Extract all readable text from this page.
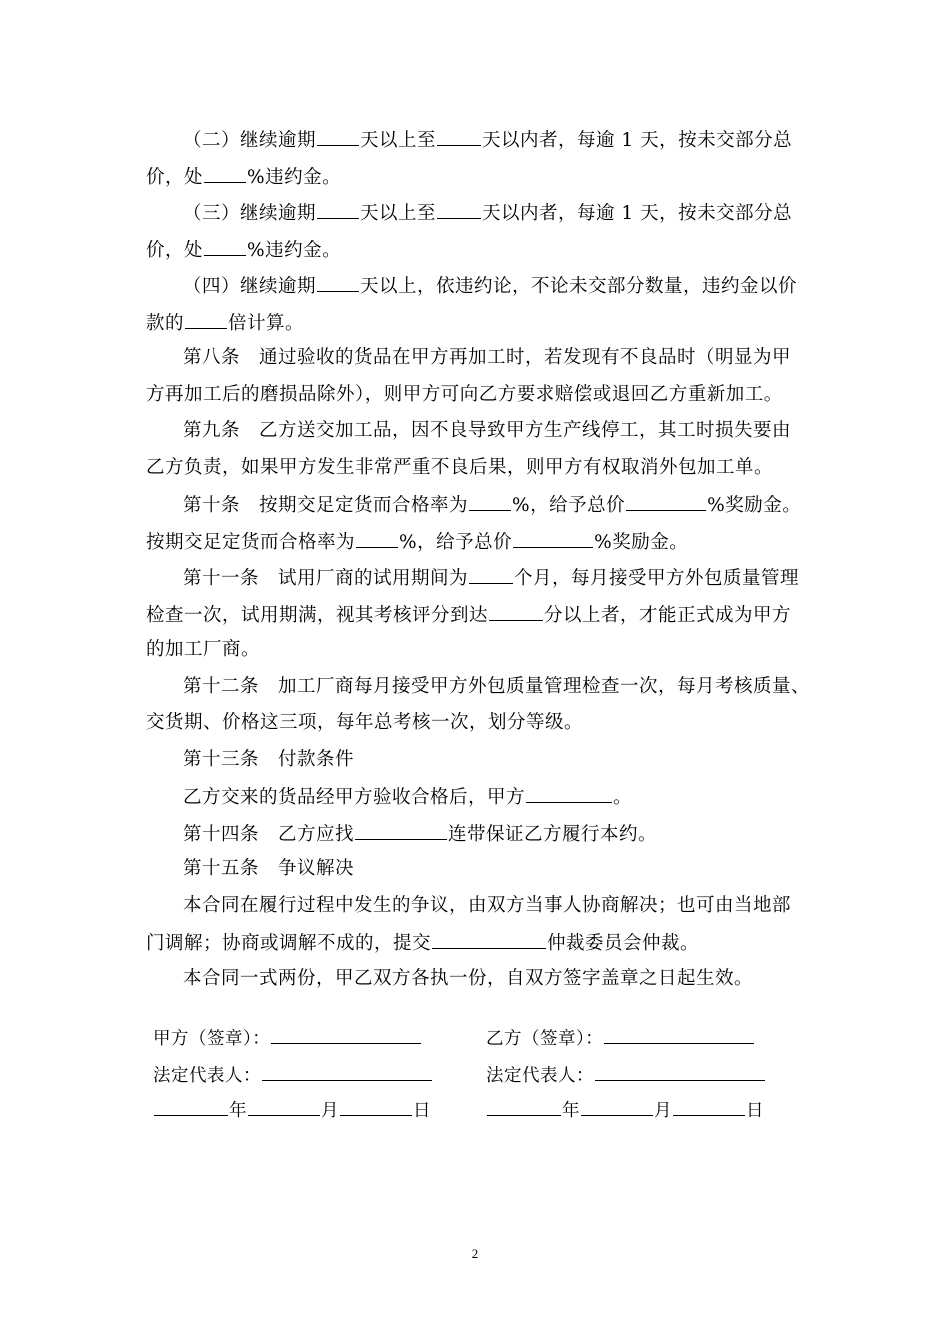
（二）继续逾期 天以上至 天以内者，每逾 1 天，按未交部分总
价，处 %违约金。
（三）继续逾期 天以上至 天以内者，每逾 1 天，按未交部分总
价，处 %违约金。
（四）继续逾期 天以上，依违约论，不论未交部分数量，违约金以价
款的 倍计算。
第八条　通过验收的货品在甲方再加工时，若发现有不良品时（明显为甲
方再加工后的磨损品除外），则甲方可向乙方要求赔偿或退回乙方重新加工。
第九条　乙方送交加工品，因不良导致甲方生产线停工，其工时损失要由
乙方负责，如果甲方发生非常严重不良后果，则甲方有权取消外包加工单。
第十条　按期交足定货而合格率为 %，给予总价	%奖励金。
按期交足定货而合格率为 %，给予总价	%奖励金。
第十一条　试用厂商的试用期间为 个月，每月接受甲方外包质量管理
检查一次，试用期满，视其考核评分到达	分以上者，才能正式成为甲方
的加工厂商。
第十二条　加工厂商每月接受甲方外包质量管理检查一次，每月考核质量、
交货期、价格这三项，每年总考核一次，划分等级。
第十三条　付款条件
乙方交来的货品经甲方验收合格后，甲方	。
第十四条　乙方应找	连带保证乙方履行本约。
第十五条　争议解决
本合同在履行过程中发生的争议，由双方当事人协商解决；也可由当地部
门调解；协商或调解不成的，提交	仲裁委员会仲裁。
本合同一式两份，甲乙双方各执一份，自双方签字盖章之日起生效。
甲方（签章）：	乙方（签章）：
法定代表人：	法定代表人：
年	月	日	年	月	日
2
